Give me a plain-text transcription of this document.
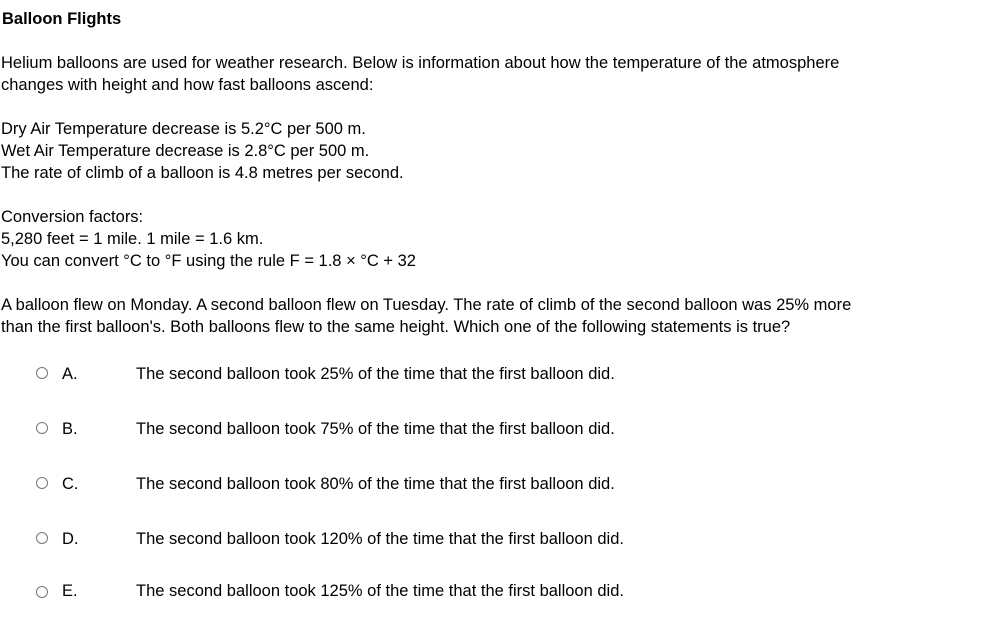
Balloon Flights
Helium balloons are used for weather research. Below is information about how the temperature of the atmosphere
changes with height and how fast balloons ascend:
Dry Air Temperature decrease is 5.2°C per 500 m.
Wet Air Temperature decrease is 2.8°C per 500 m.
The rate of climb of a balloon is 4.8 metres per second.
Conversion factors:
5,280 feet = 1 mile. 1 mile = 1.6 km.
You can convert °C to °F using the rule F = 1.8 × °C + 32
A balloon flew on Monday. A second balloon flew on Tuesday. The rate of climb of the second balloon was 25% more
than the first balloon's. Both balloons flew to the same height. Which one of the following statements is true?
A.	The second balloon took 25% of the time that the first balloon did.
B.	The second balloon took 75% of the time that the first balloon did.
C.	The second balloon took 80% of the time that the first balloon did.
D.	The second balloon took 120% of the time that the first balloon did.
E.	The second balloon took 125% of the time that the first balloon did.
